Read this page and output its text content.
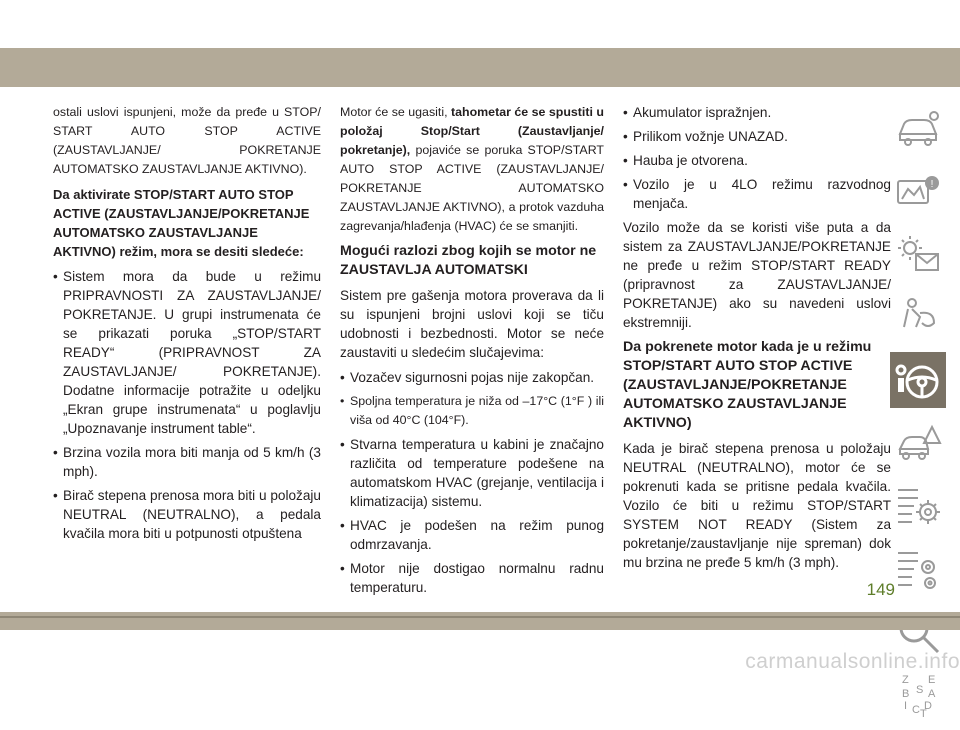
ostali uslovi ispunjeni, može da pređe u STOP/ START AUTO STOP ACTIVE (ZAUSTAVLJANJE/ POKRETANJE AUTOMATSKO ZAUSTAVLJANJE AKTIVNO).

Da aktivirate STOP/START AUTO STOP ACTIVE (ZAUSTAVLJANJE/POKRETANJE AUTOMATSKO ZAUSTAVLJANJE AKTIVNO) režim, mora se desiti sledeće:
• Sistem mora da bude u režimu PRIPRAVNOSTI ZA ZAUSTAVLJANJE/ POKRETANJE. U grupi instrumenata će se prikazati poruka „STOP/START READY“ (PRIPRAVNOST ZA ZAUSTAVLJANJE/ POKRETANJE). Dodatne informacije potražite u odeljku „Ekran grupe instrumenata“ u poglavlju „Upoznavanje instrument table“.
• Brzina vozila mora biti manja od 5 km/h (3 mph).
• Birač stepena prenosa mora biti u položaju NEUTRAL (NEUTRALNO), a pedala kvačila mora biti u potpunosti otpuštena

Motor će se ugasiti, tahometar će se spustiti u položaj Stop/Start (Zaustavljanje/ pokretanje), pojaviće se poruka STOP/START AUTO STOP ACTIVE (ZAUSTAVLJANJE/ POKRETANJE AUTOMATSKO ZAUSTAVLJANJE AKTIVNO), a protok vazduha zagrevanja/hlađenja (HVAC) će se smanjiti.

Mogući razlozi zbog kojih se motor ne ZAUSTAVLJA AUTOMATSKI

Sistem pre gašenja motora proverava da li su ispunjeni brojni uslovi koji se tiču udobnosti i bezbednosti. Motor se neće zaustaviti u sledećim slučajevima:

• Vozačev sigurnosni pojas nije zakopčan.
• Spoljna temperatura je niža od –17°C (1°F ) ili viša od 40°C (104°F).
• Stvarna temperatura u kabini je značajno različita od temperature podešene na automatskom HVAC (grejanje, ventilacija i klimatizacija) sistemu.
• HVAC je podešen na režim punog odmrzavanja.
• Motor nije dostigao normalnu radnu temperaturu.
• Akumulator ispražnjen.
• Prilikom vožnje UNAZAD.
• Hauba je otvorena.
• Vozilo je u 4LO režimu razvodnog menjača.

Vozilo može da se koristi više puta a da sistem za ZAUSTAVLJANJE/POKRETANJE ne pređe u režim STOP/START READY (pripravnost za ZAUSTAVLJANJE/ POKRETANJE) ako su navedeni uslovi ekstremniji.

Da pokrenete motor kada je u režimu STOP/START AUTO STOP ACTIVE (ZAUSTAVLJANJE/POKRETANJE AUTOMATSKO ZAUSTAVLJANJE AKTIVNO)

Kada je birač stepena prenosa u položaju NEUTRAL (NEUTRALNO), motor će se pokrenuti kada se pritisne pedala kvačila. Vozilo će biti u režimu STOP/START SYSTEM NOT READY (Sistem za pokretanje/zaustavljanje nije spreman) dok mu brzina ne pređe 5 km/h (3 mph).

!
Z
B S
E
A
D
I C T
149
carmanualsonline.info
